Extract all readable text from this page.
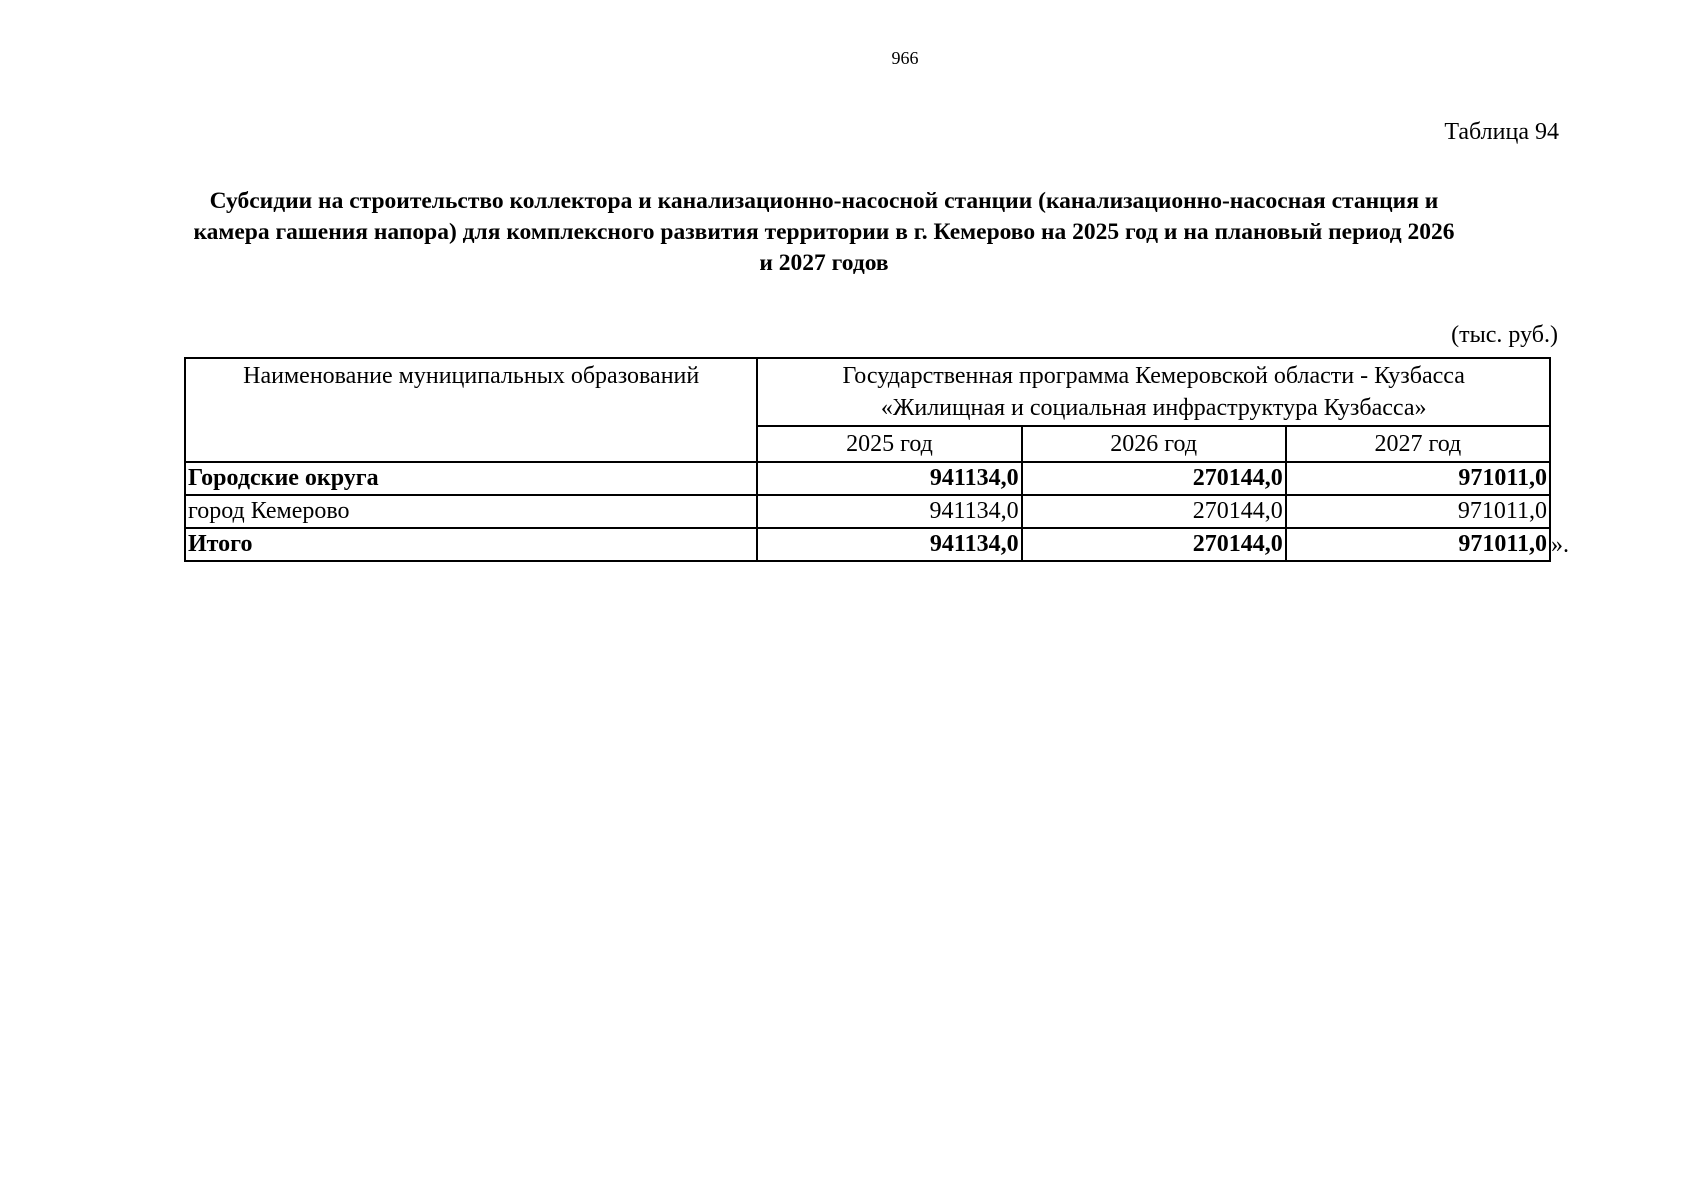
966
Таблица 94
Субсидии на строительство коллектора и канализационно-насосной станции (канализационно-насосная станция и камера гашения напора) для комплексного развития территории в г. Кемерово на 2025 год и на плановый период 2026 и 2027 годов
(тыс. руб.)
Наименование муниципальных образований	Государственная программа Кемеровской области - Кузбасса
«Жилищная и социальная инфраструктура Кузбасса»		
	2025 год	2026 год	2027 год
Городские округа	941134,0	270144,0	971011,0
город Кемерово	941134,0	270144,0	971011,0
Итого	941134,0	270144,0	971011,0 ».
